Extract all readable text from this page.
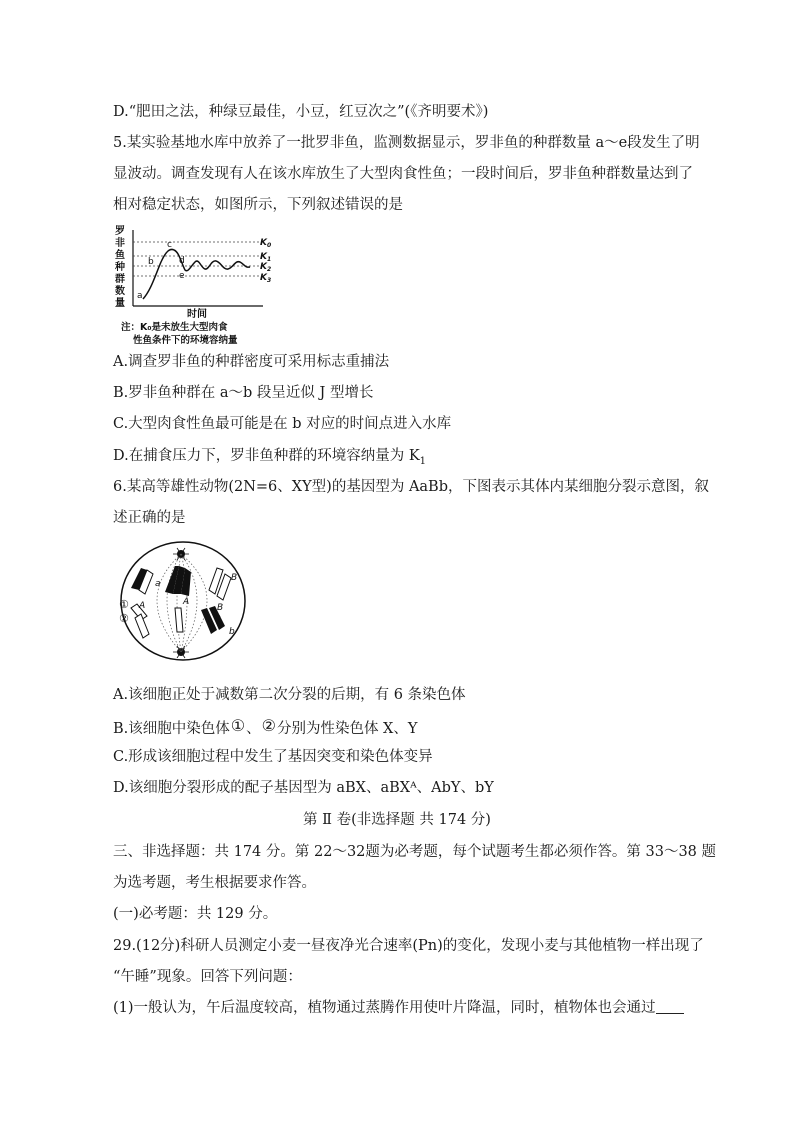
D.“肥田之法，种绿豆最佳，小豆，红豆次之”(《齐明要术》)
5.某实验基地水库中放养了一批罗非鱼，监测数据显示，罗非鱼的种群数量 a～e段发生了明
显波动。调查发现有人在该水库放生了大型肉食性鱼；一段时间后，罗非鱼种群数量达到了
相对稳定状态，如图所示，下列叙述错误的是
罗
非
鱼
种
群
数
量
$K_0$
$K_1$
$K_2$
$K_3$
a
b
c
d
e
时间
注：K₀是未放生大型肉食
性鱼条件下的环境容纳量
A.调查罗非鱼的种群密度可采用标志重捕法
B.罗非鱼种群在 a～b 段呈近似 J 型增长
C.大型肉食性鱼最可能是在 b 对应的时间点进入水库
D.在捕食压力下，罗非鱼种群的环境容纳量为 $K_1$
6.某高等雄性动物(2N=6、XY型)的基因型为 AaBb，下图表示其体内某细胞分裂示意图，叙
述正确的是
a
A	A
B
B
b
b
①
②
A.该细胞正处于减数第二次分裂的后期，有 6 条染色体
B.该细胞中染色体①、②分别为性染色体 X、Y
C.形成该细胞过程中发生了基因突变和染色体变异
D.该细胞分裂形成的配子基因型为 aBX、aBXᴬ、AbY、bY
第 Ⅱ 卷(非选择题 共 174 分)
三、非选择题：共 174 分。第 22～32题为必考题，每个试题考生都必须作答。第 33～38 题
为选考题，考生根据要求作答。
(一)必考题：共 129 分。
29.(12分)科研人员测定小麦一昼夜净光合速率(Pn)的变化，发现小麦与其他植物一样出现了
“午睡”现象。回答下列问题：
(1)一般认为，午后温度较高，植物通过蒸腾作用使叶片降温，同时，植物体也会通过
